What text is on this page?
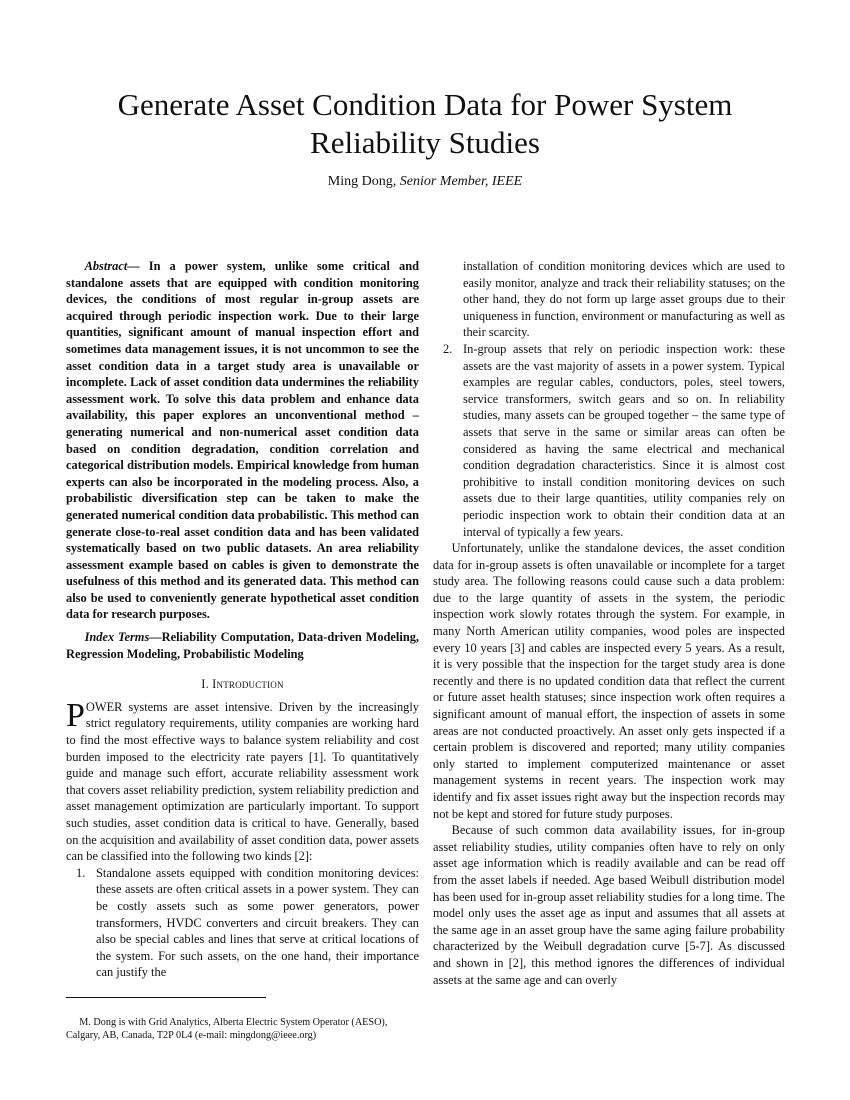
Generate Asset Condition Data for Power System Reliability Studies
Ming Dong, Senior Member, IEEE

Abstract— In a power system, unlike some critical and standalone assets that are equipped with condition monitoring devices, the conditions of most regular in-group assets are acquired through periodic inspection work. Due to their large quantities, significant amount of manual inspection effort and sometimes data management issues, it is not uncommon to see the asset condition data in a target study area is unavailable or incomplete. Lack of asset condition data undermines the reliability assessment work. To solve this data problem and enhance data availability, this paper explores an unconventional method – generating numerical and non-numerical asset condition data based on condition degradation, condition correlation and categorical distribution models. Empirical knowledge from human experts can also be incorporated in the modeling process. Also, a probabilistic diversification step can be taken to make the generated numerical condition data probabilistic. This method can generate close-to-real asset condition data and has been validated systematically based on two public datasets. An area reliability assessment example based on cables is given to demonstrate the usefulness of this method and its generated data. This method can also be used to conveniently generate hypothetical asset condition data for research purposes.

Index Terms—Reliability Computation, Data-driven Modeling, Regression Modeling, Probabilistic Modeling

I. Introduction

POWER systems are asset intensive. Driven by the increasingly strict regulatory requirements, utility companies are working hard to find the most effective ways to balance system reliability and cost burden imposed to the electricity rate payers [1]. To quantitatively guide and manage such effort, accurate reliability assessment work that covers asset reliability prediction, system reliability prediction and asset management optimization are particularly important. To support such studies, asset condition data is critical to have. Generally, based on the acquisition and availability of asset condition data, power assets can be classified into the following two kinds [2]:

1. Standalone assets equipped with condition monitoring devices: these assets are often critical assets in a power system. They can be costly assets such as some power generators, power transformers, HVDC converters and circuit breakers. They can also be special cables and lines that serve at critical locations of the system. For such assets, on the one hand, their importance can justify the

installation of condition monitoring devices which are used to easily monitor, analyze and track their reliability statuses; on the other hand, they do not form up large asset groups due to their uniqueness in function, environment or manufacturing as well as their scarcity.

2. In-group assets that rely on periodic inspection work: these assets are the vast majority of assets in a power system. Typical examples are regular cables, conductors, poles, steel towers, service transformers, switch gears and so on. In reliability studies, many assets can be grouped together – the same type of assets that serve in the same or similar areas can often be considered as having the same electrical and mechanical condition degradation characteristics. Since it is almost cost prohibitive to install condition monitoring devices on such assets due to their large quantities, utility companies rely on periodic inspection work to obtain their condition data at an interval of typically a few years.

Unfortunately, unlike the standalone devices, the asset condition data for in-group assets is often unavailable or incomplete for a target study area. The following reasons could cause such a data problem: due to the large quantity of assets in the system, the periodic inspection work slowly rotates through the system. For example, in many North American utility companies, wood poles are inspected every 10 years [3] and cables are inspected every 5 years. As a result, it is very possible that the inspection for the target study area is done recently and there is no updated condition data that reflect the current or future asset health statuses; since inspection work often requires a significant amount of manual effort, the inspection of assets in some areas are not conducted proactively. An asset only gets inspected if a certain problem is discovered and reported; many utility companies only started to implement computerized maintenance or asset management systems in recent years. The inspection work may identify and fix asset issues right away but the inspection records may not be kept and stored for future study purposes.

Because of such common data availability issues, for in-group asset reliability studies, utility companies often have to rely on only asset age information which is readily available and can be read off from the asset labels if needed. Age based Weibull distribution model has been used for in-group asset reliability studies for a long time. The model only uses the asset age as input and assumes that all assets at the same age in an asset group have the same aging failure probability characterized by the Weibull degradation curve [5-7]. As discussed and shown in [2], this method ignores the differences of individual assets at the same age and can overly

M. Dong is with Grid Analytics, Alberta Electric System Operator (AESO), Calgary, AB, Canada, T2P 0L4 (e-mail: mingdong@ieee.org)
